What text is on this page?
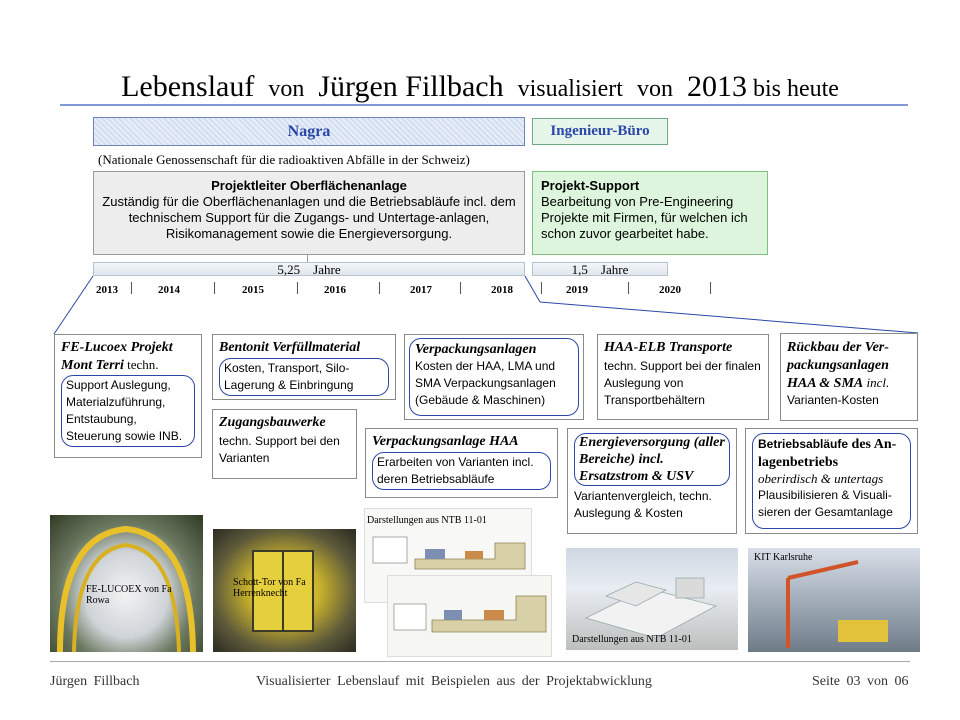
Lebenslauf von Jürgen Fillbach visualisiert von 2013 bis heute
Nagra	Ingenieur-Büro
(Nationale Genossenschaft für die radioaktiven Abfälle in der Schweiz)
Projektleiter Oberflächenanlage
Zuständig für die Oberflächenanlagen und die Betriebsabläufe incl. dem technischem Support für die Zugangs- und Untertage-anlagen, Risikomanagement sowie die Energieversorgung.
Projekt-Support
Bearbeitung von Pre-Engineering Projekte mit Firmen, für welchen ich schon zuvor gearbeitet habe.
5,25    Jahre	1,5    Jahre
2013	2014	2015	2016	2017	2018	2019	2020
FE-Lucoex Projekt
Mont Terri techn.
Support Auslegung, Materialzuführung, Entstaubung, Steuerung sowie INB.
Bentonit Verfüllmaterial
Kosten, Transport, Silo-Lagerung & Einbringung
Zugangsbauwerke
techn. Support bei den Varianten
Verpackungsanlagen
Kosten der HAA, LMA und SMA Verpackungsanlagen (Gebäude & Maschinen)
HAA-ELB Transporte
techn. Support bei der finalen Auslegung von Transportbehältern
Rückbau der Ver-packungsanlagen HAA & SMA incl.
Varianten-Kosten
Verpackungsanlage HAA
Erarbeiten von Varianten incl. deren Betriebsabläufe
Energieversorgung (aller Bereiche) incl. Ersatzstrom & USV
Variantenvergleich, techn. Auslegung & Kosten
Betriebsabläufe des An-lagenbetriebs
oberirdisch & untertags
Plausibilisieren & Visuali-sieren der Gesamtanlage
FE-LUCOEX von Fa Rowa
Schott-Tor von Fa Herrenknecht
Darstellungen aus NTB 11-01
Darstellungen aus NTB 11-01
KIT Karlsruhe
Jürgen Fillbach	Visualisierter Lebenslauf mit Beispielen aus der Projektabwicklung	Seite 03 von 06
